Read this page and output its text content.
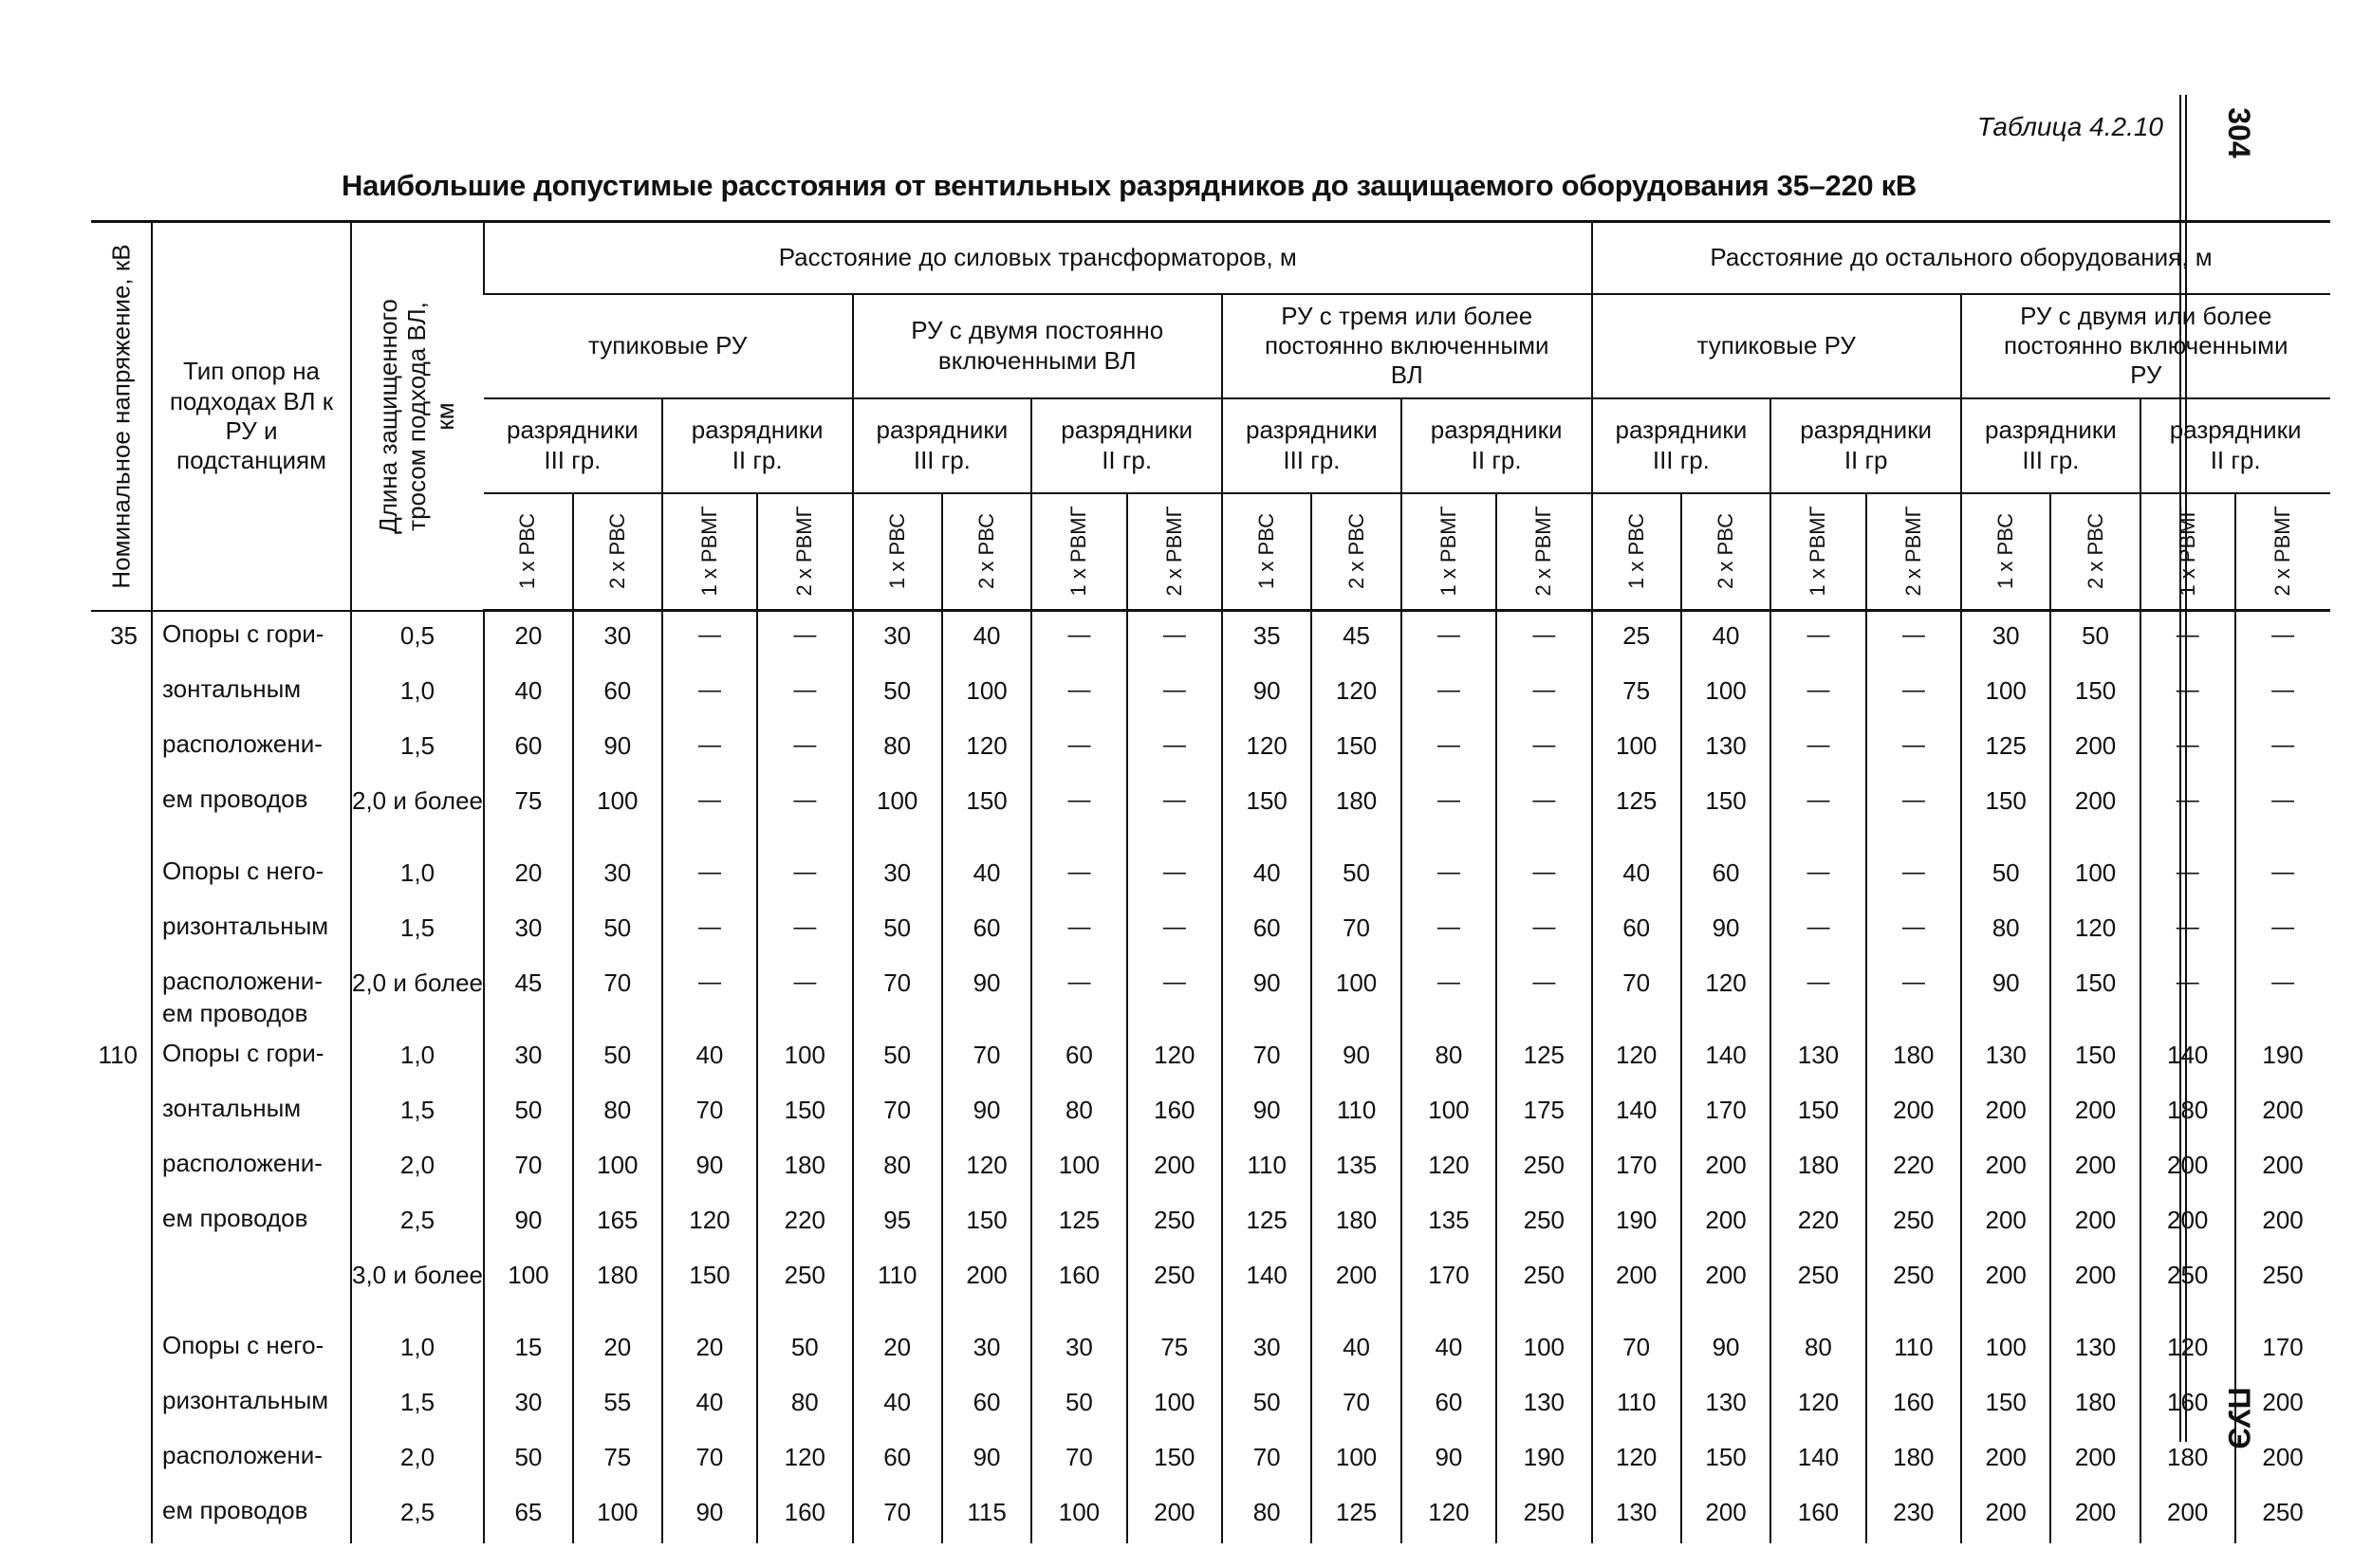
Таблица 4.2.10
Наибольшие допустимые расстояния от вентильных разрядников до защищаемого оборудования 35–220 кВ
304
ПУЭ
Номинальное напряжение, кВ	Тип опор на подходах ВЛ к РУ и подстанциям	Длина защищенного тросом подхода ВЛ, км	Расстояние до силовых трансформаторов, м												Расстояние до остального оборудования, м							
			тупиковые РУ				РУ с двумя постоянно включенными ВЛ				РУ с тремя или более постоянно включенными ВЛ				тупиковые РУ				РУ с двумя или более постоянно включенными РУ			
			разрядники III гр.		разрядники II гр.		разрядники III гр.		разрядники II гр.		разрядники III гр.		разрядники II гр.		разрядники III гр.		разрядники II гр		разрядники III гр.		разрядники II гр.	

			1 х РВС	2 х РВС	1 х РВМГ	2 х РВМГ	1 х РВС	2 х РВС	1 х РВМГ	2 х РВМГ	1 х РВС	2 х РВС	1 х РВМГ	2 х РВМГ	1 х РВС	2 х РВС	1 х РВМГ	2 х РВМГ	1 х РВС	2 х РВС	1 х РВМГ	2 х РВМГ

35	Опоры с гори-	0,5	20	30	—	—	30	40	—	—	35	45	—	—	25	40	—	—	30	50	—	—
	зонтальным	1,0	40	60	—	—	50	100	—	—	90	120	—	—	75	100	—	—	100	150	—	—
	расположени-	1,5	60	90	—	—	80	120	—	—	120	150	—	—	100	130	—	—	125	200	—	—
	ем проводов	2,0 и более	75	100	—	—	100	150	—	—	150	180	—	—	125	150	—	—	150	200	—	—
	Опоры с него-	1,0	20	30	—	—	30	40	—	—	40	50	—	—	40	60	—	—	50	100	—	—
	ризонтальным	1,5	30	50	—	—	50	60	—	—	60	70	—	—	60	90	—	—	80	120	—	—
	расположени- ем проводов	2,0 и более	45	70	—	—	70	90	—	—	90	100	—	—	70	120	—	—	90	150	—	—
110	Опоры с гори-	1,0	30	50	40	100	50	70	60	120	70	90	80	125	120	140	130	180	130	150	140	190
	зонтальным	1,5	50	80	70	150	70	90	80	160	90	110	100	175	140	170	150	200	200	200	180	200
	расположени-	2,0	70	100	90	180	80	120	100	200	110	135	120	250	170	200	180	220	200	200	200	200
	ем проводов	2,5	90	165	120	220	95	150	125	250	125	180	135	250	190	200	220	250	200	200	200	200
		3,0 и более	100	180	150	250	110	200	160	250	140	200	170	250	200	200	250	250	200	200	250	250
	Опоры с него-	1,0	15	20	20	50	20	30	30	75	30	40	40	100	70	90	80	110	100	130	120	170
	ризонтальным	1,5	30	55	40	80	40	60	50	100	50	70	60	130	110	130	120	160	150	180	160	200
	расположени-	2,0	50	75	70	120	60	90	70	150	70	100	90	190	120	150	140	180	200	200	180	200
	ем проводов	2,5	65	100	90	160	70	115	100	200	80	125	120	250	130	200	160	230	200	200	200	250
